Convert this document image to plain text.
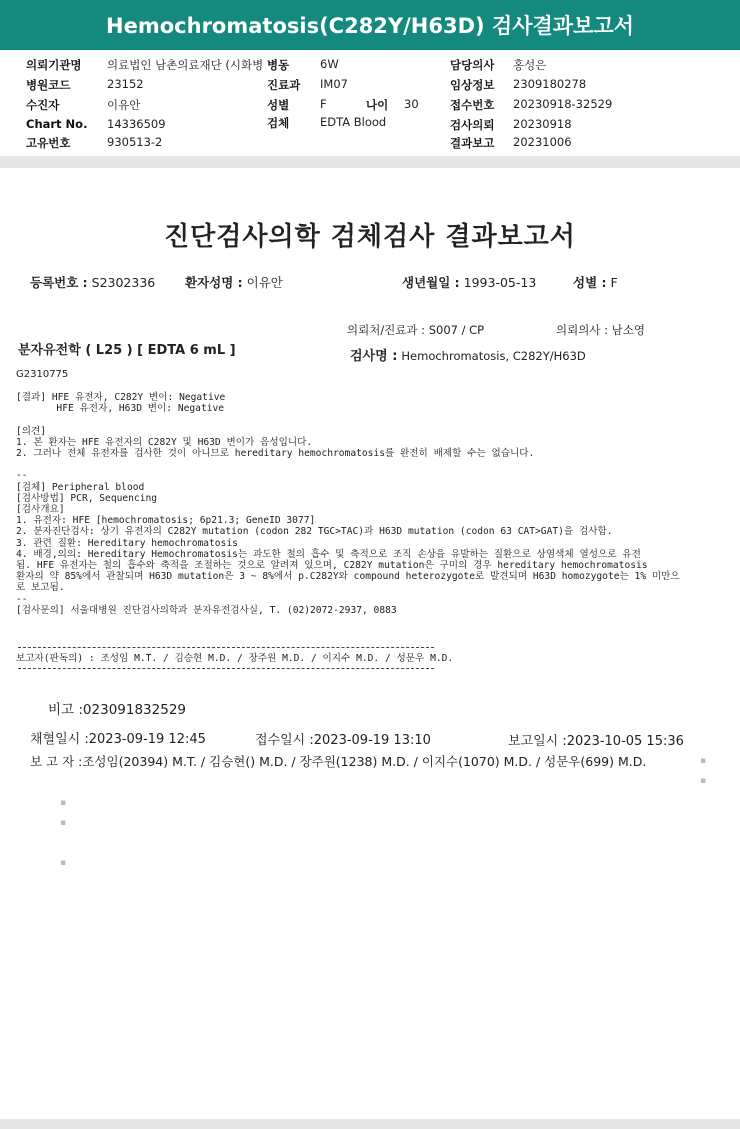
Hemochromatosis(C282Y/H63D) 검사결과보고서
의뢰기관명 의료법인 남촌의료재단 (시화병 병동	6W	담당의사 홍성은
병원코드	23152	진료과 IM07	임상정보 2309180278
수진자	이유안	성별	F	나이 30	접수번호 20230918-32529
Chart No. 14336509	검체	EDTA Blood	검사의뢰 20230918
고유번호	930513-2	결과보고 20231006
진단검사의학 검체검사 결과보고서
등록번호 : S2302336 환자성명 : 이유안	생년월일 : 1993-05-13	성별 : F
의뢰처/진료과 : S007 / CP	의뢰의사 : 남소영
분자유전학 ( L25 ) [ EDTA 6 mL ]	검사명 : Hemochromatosis, C282Y/H63D
G2310775
[결과] HFE 유전자, C282Y 변이: Negative
HFE 유전자, H63D 변이: Negative

[의견]
1. 본 환자는 HFE 유전자의 C282Y 및 H63D 변이가 음성입니다.
2. 그러나 전체 유전자를 검사한 것이 아니므로 hereditary hemochromatosis를 완전히 배제할 수는 없습니다.

--
[검체] Peripheral blood
[검사방법] PCR, Sequencing
[검사개요]
1. 유전자: HFE [hemochromatosis; 6p21.3; GeneID 3077]
2. 분자진단검사: 상기 유전자의 C282Y mutation (codon 282 TGC>TAC)과 H63D mutation (codon 63 CAT>GAT)을 검사함.
3. 관련 질환: Hereditary hemochromatosis
4. 배경,의의: Hereditary Hemochromatosis는 과도한 철의 흡수 및 축적으로 조직 손상을 유발하는 질환으로 상염색체 열성으로 유전
됨. HFE 유전자는 철의 흡수와 축적을 조절하는 것으로 알려져 있으며, C282Y mutation은 구미의 경우 hereditary hemochromatosis
환자의 약 85%에서 관찰되며 H63D mutation은 3 ~ 8%에서 p.C282Y와 compound heterozygote로 발견되며 H63D homozygote는 1% 미만으
로 보고됨.
--
[검사문의] 서울대병원 진단검사의학과 분자유전검사실, T. (02)2072-2937, 0883
보고자(판독의) : 조성임 M.T. / 김승현 M.D. / 장주원 M.D. / 이지수 M.D. / 성문우 M.D.
비고 :023091832529
채혈일시 :2023-09-19 12:45	접수일시 :2023-09-19 13:10	보고일시 :2023-10-05 15:36
보 고 자 :조성임(20394) M.T. / 김승현() M.D. / 장주원(1238) M.D. / 이지수(1070) M.D. / 성문우(699) M.D.	▪
▪
▪
▪
▪
